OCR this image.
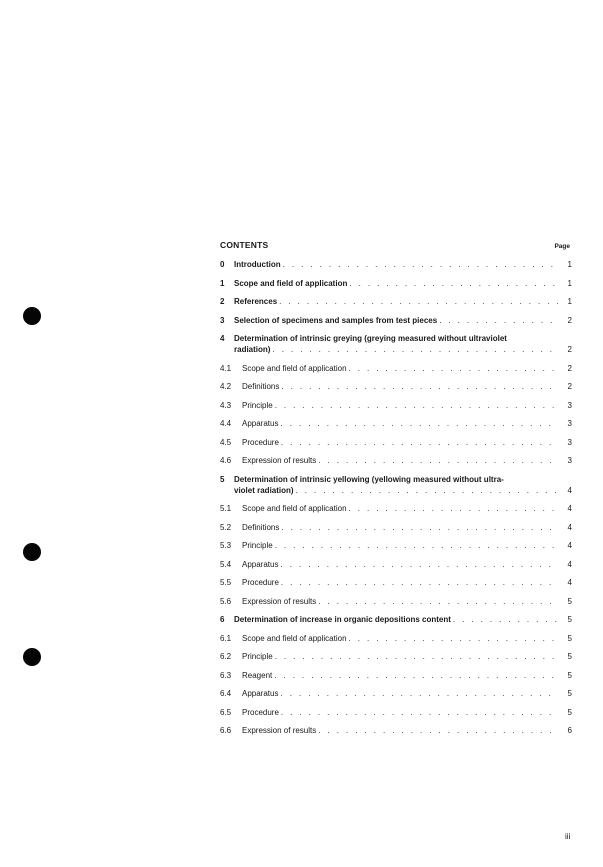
CONTENTS	Page
0	Introduction . . .	1
1	Scope and field of application . . .	1
2	References . . .	1
3	Selection of specimens and samples from test pieces . . .	2
4	Determination of intrinsic greying (greying measured without ultraviolet
radiation) . . .	2
4.1	Scope and field of application . . .	2
4.2	Definitions . . .	2
4.3	Principle . . .	3
4.4	Apparatus . . .	3
4.5	Procedure . . .	3
4.6	Expression of results . . .	3
5	Determination of intrinsic yellowing (yellowing measured without ultra-
violet radiation) . . .	4
5.1	Scope and field of application . . .	4
5.2	Definitions . . .	4
5.3	Principle . . .	4
5.4	Apparatus . . .	4
5.5	Procedure . . .	4
5.6	Expression of results . . .	5
6	Determination of increase in organic depositions content . . .	5
6.1	Scope and field of application . . .	5
6.2	Principle . . .	5
6.3	Reagent . . .	5
6.4	Apparatus . . .	5
6.5	Procedure . . .	5
6.6	Expression of results . . .	6
iii
